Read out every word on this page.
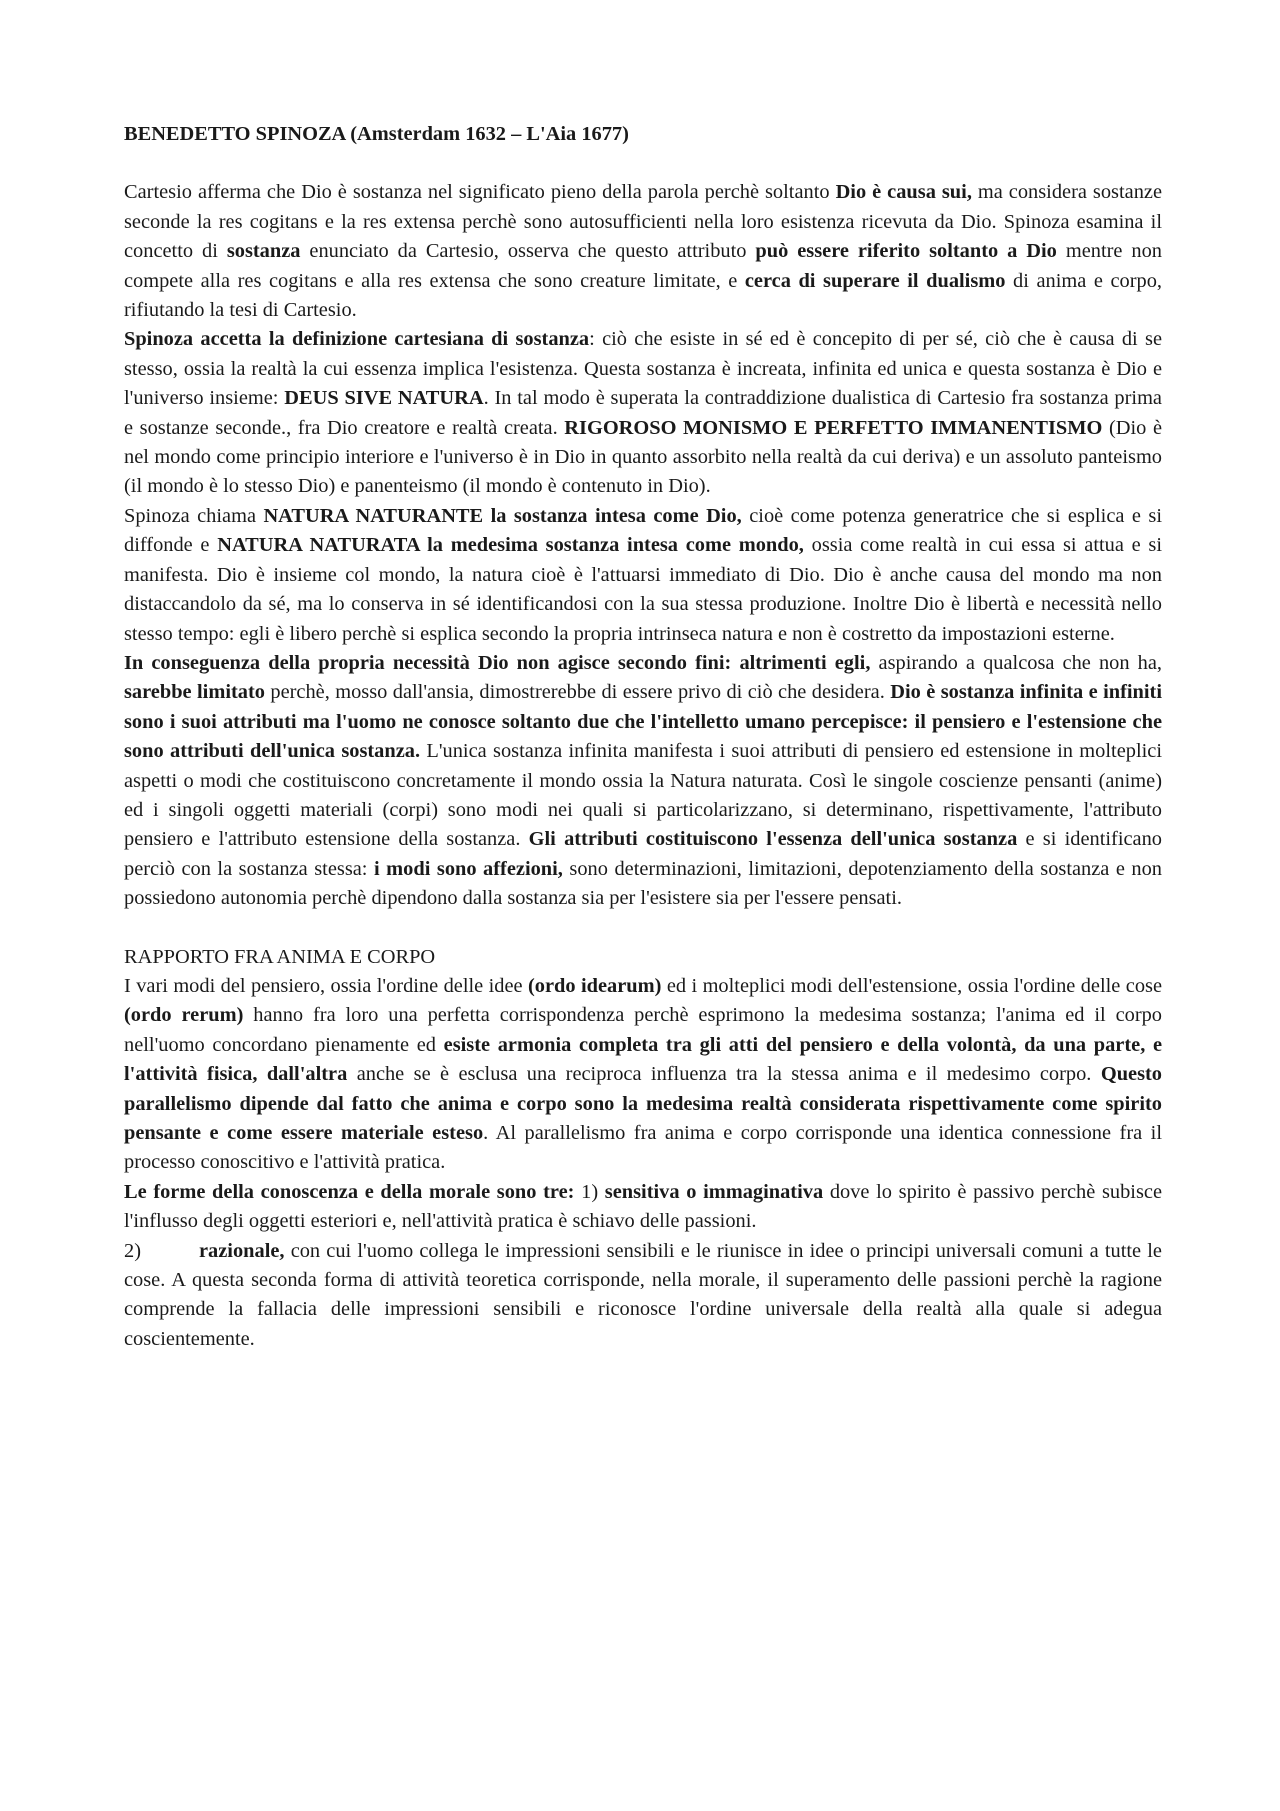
BENEDETTO SPINOZA (Amsterdam 1632 – L'Aia 1677)

Cartesio afferma che Dio è sostanza nel significato pieno della parola perchè soltanto Dio è causa sui, ma considera sostanze seconde la res cogitans e la res extensa perchè sono autosufficienti nella loro esistenza ricevuta da Dio. Spinoza esamina il concetto di sostanza enunciato da Cartesio, osserva che questo attributo può essere riferito soltanto a Dio mentre non compete alla res cogitans e alla res extensa che sono creature limitate, e cerca di superare il dualismo di anima e corpo, rifiutando la tesi di Cartesio.

Spinoza accetta la definizione cartesiana di sostanza: ciò che esiste in sé ed è concepito di per sé, ciò che è causa di se stesso, ossia la realtà la cui essenza implica l'esistenza. Questa sostanza è increata, infinita ed unica e questa sostanza è Dio e l'universo insieme: DEUS SIVE NATURA. In tal modo è superata la contraddizione dualistica di Cartesio fra sostanza prima e sostanze seconde., fra Dio creatore e realtà creata. RIGOROSO MONISMO E PERFETTO IMMANENTISMO (Dio è nel mondo come principio interiore e l'universo è in Dio in quanto assorbito nella realtà da cui deriva) e un assoluto panteismo (il mondo è lo stesso Dio) e panenteismo (il mondo è contenuto in Dio).

Spinoza chiama NATURA NATURANTE la sostanza intesa come Dio, cioè come potenza generatrice che si esplica e si diffonde e NATURA NATURATA la medesima sostanza intesa come mondo, ossia come realtà in cui essa si attua e si manifesta. Dio è insieme col mondo, la natura cioè è l'attuarsi immediato di Dio. Dio è anche causa del mondo ma non distaccandolo da sé, ma lo conserva in sé identificandosi con la sua stessa produzione. Inoltre Dio è libertà e necessità nello stesso tempo: egli è libero perchè si esplica secondo la propria intrinseca natura e non è costretto da impostazioni esterne.

In conseguenza della propria necessità Dio non agisce secondo fini: altrimenti egli, aspirando a qualcosa che non ha, sarebbe limitato perchè, mosso dall'ansia, dimostrerebbe di essere privo di ciò che desidera. Dio è sostanza infinita e infiniti sono i suoi attributi ma l'uomo ne conosce soltanto due che l'intelletto umano percepisce: il pensiero e l'estensione che sono attributi dell'unica sostanza. L'unica sostanza infinita manifesta i suoi attributi di pensiero ed estensione in molteplici aspetti o modi che costituiscono concretamente il mondo ossia la Natura naturata. Così le singole coscienze pensanti (anime) ed i singoli oggetti materiali (corpi) sono modi nei quali si particolarizzano, si determinano, rispettivamente, l'attributo pensiero e l'attributo estensione della sostanza. Gli attributi costituiscono l'essenza dell'unica sostanza e si identificano perciò con la sostanza stessa: i modi sono affezioni, sono determinazioni, limitazioni, depotenziamento della sostanza e non possiedono autonomia perchè dipendono dalla sostanza sia per l'esistere sia per l'essere pensati.

RAPPORTO FRA ANIMA E CORPO

I vari modi del pensiero, ossia l'ordine delle idee (ordo idearum) ed i molteplici modi dell'estensione, ossia l'ordine delle cose (ordo rerum) hanno fra loro una perfetta corrispondenza perchè esprimono la medesima sostanza; l'anima ed il corpo nell'uomo concordano pienamente ed esiste armonia completa tra gli atti del pensiero e della volontà, da una parte, e l'attività fisica, dall'altra anche se è esclusa una reciproca influenza tra la stessa anima e il medesimo corpo. Questo parallelismo dipende dal fatto che anima e corpo sono la medesima realtà considerata rispettivamente come spirito pensante e come essere materiale esteso. Al parallelismo fra anima e corpo corrisponde una identica connessione fra il processo conoscitivo e l'attività pratica.

Le forme della conoscenza e della morale sono tre: 1) sensitiva o immaginativa dove lo spirito è passivo perchè subisce l'influsso degli oggetti esteriori e, nell'attività pratica è schiavo delle passioni.

2)	razionale, con cui l'uomo collega le impressioni sensibili e le riunisce in idee o principi universali comuni a tutte le cose. A questa seconda forma di attività teoretica corrisponde, nella morale, il superamento delle passioni perchè la ragione comprende la fallacia delle impressioni sensibili e riconosce l'ordine universale della realtà alla quale si adegua coscientemente.
